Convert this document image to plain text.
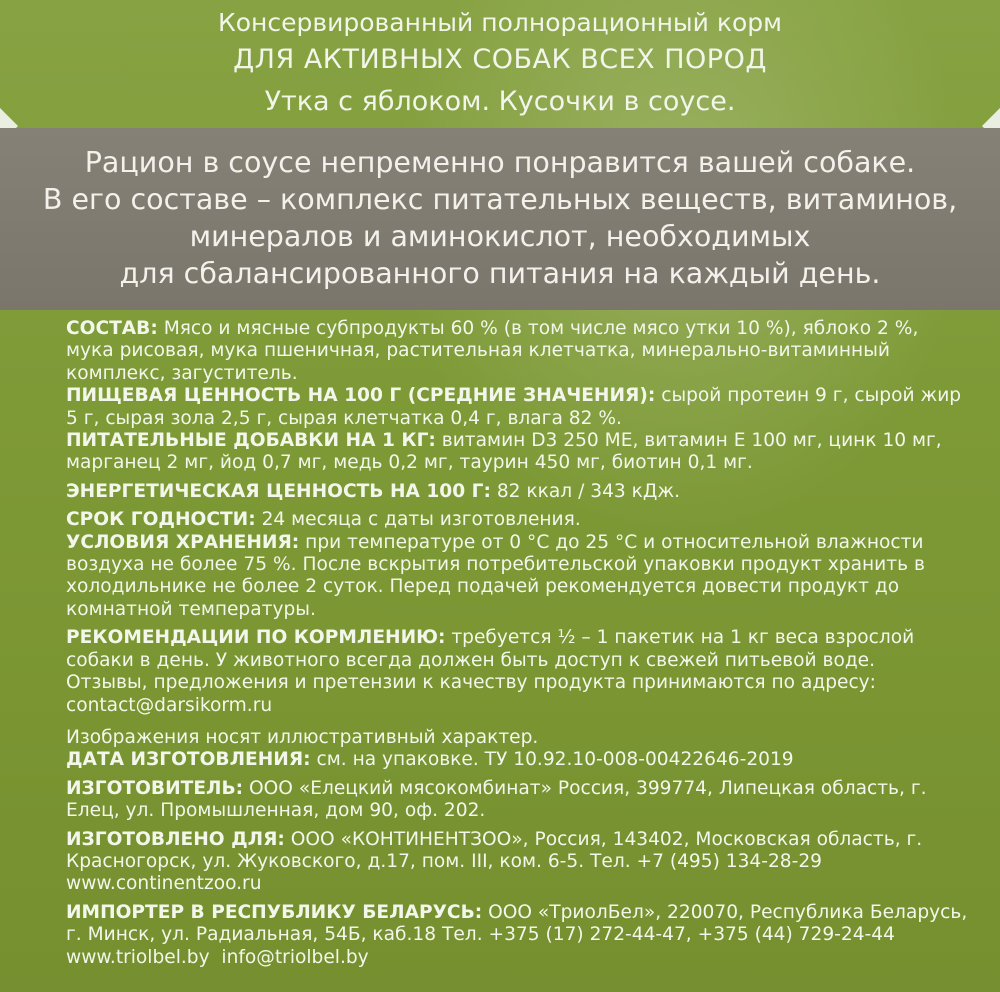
Консервированный полнорационный корм
ДЛЯ АКТИВНЫХ СОБАК ВСЕХ ПОРОД
Утка с яблоком. Кусочки в соусе.
Рацион в соусе непременно понравится вашей собаке.
В его составе – комплекс питательных веществ, витаминов,
минералов и аминокислот, необходимых
для сбалансированного питания на каждый день.

СОСТАВ: Мясо и мясные субпродукты 60 % (в том числе мясо утки 10 %), яблоко 2 %, мука рисовая, мука пшеничная, растительная клетчатка, минерально-витаминный комплекс, загуститель.

ПИЩЕВАЯ ЦЕННОСТЬ НА 100 Г (СРЕДНИЕ ЗНАЧЕНИЯ): сырой протеин 9 г, сырой жир 5 г, сырая зола 2,5 г, сырая клетчатка 0,4 г, влага 82 %.

ПИТАТЕЛЬНЫЕ ДОБАВКИ НА 1 КГ: витамин D3 250 МЕ, витамин Е 100 мг, цинк 10 мг, марганец 2 мг, йод 0,7 мг, медь 0,2 мг, таурин 450 мг, биотин 0,1 мг.

ЭНЕРГЕТИЧЕСКАЯ ЦЕННОСТЬ НА 100 Г: 82 ккал / 343 кДж.

СРОК ГОДНОСТИ: 24 месяца с даты изготовления.

УСЛОВИЯ ХРАНЕНИЯ: при температуре от 0 °С до 25 °С и относительной влажности воздуха не более 75 %. После вскрытия потребительской упаковки продукт хранить в холодильнике не более 2 суток. Перед подачей рекомендуется довести продукт до комнатной температуры.

РЕКОМЕНДАЦИИ ПО КОРМЛЕНИЮ: требуется ½ – 1 пакетик на 1 кг веса взрослой собаки в день. У животного всегда должен быть доступ к свежей питьевой воде.

Отзывы, предложения и претензии к качеству продукта принимаются по адресу:
contact@darsikorm.ru

Изображения носят иллюстративный характер.

ДАТА ИЗГОТОВЛЕНИЯ: см. на упаковке. ТУ 10.92.10-008-00422646-2019

ИЗГОТОВИТЕЛЬ: ООО «Елецкий мясокомбинат» Россия, 399774, Липецкая область, г. Елец, ул. Промышленная, дом 90, оф. 202.

ИЗГОТОВЛЕНО ДЛЯ: ООО «КОНТИНЕНТЗОО», Россия, 143402, Московская область, г. Красногорск, ул. Жуковского, д.17, пом. III, ком. 6-5. Тел. +7 (495) 134-28-29
www.continentzoo.ru

ИМПОРТЕР В РЕСПУБЛИКУ БЕЛАРУСЬ: ООО «ТриолБел», 220070, Республика Беларусь, г. Минск, ул. Радиальная, 54Б, каб.18 Тел. +375 (17) 272-44-47, +375 (44) 729-24-44
www.triolbel.by info@triolbel.by
